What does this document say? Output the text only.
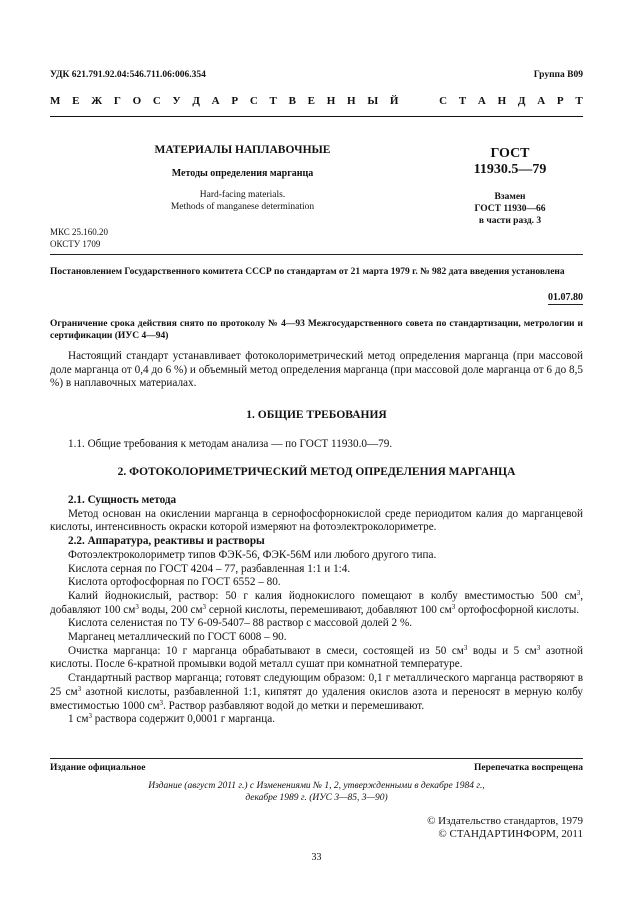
УДК 621.791.92.04:546.711.06:006.354	Группа В09
М Е Ж Г О С У Д А Р С Т В Е Н Н Ы Й

	С Т А Н Д А Р Т
МАТЕРИАЛЫ НАПЛАВОЧНЫЕ
Методы определения марганца
Hard-facing materials.
Methods of manganese determination
ГОСТ
11930.5—79
Взамен
ГОСТ 11930—66
в части разд. 3
МКС 25.160.20
ОКСТУ 1709
Постановлением Государственного комитета СССР по стандартам от 21 марта 1979 г. № 982 дата введения установлена
01.07.80
Ограничение срока действия снято по протоколу № 4—93 Межгосударственного совета по стандартизации, метрологии и сертификации (ИУС 4—94)

Настоящий стандарт устанавливает фотоколориметрический метод определения марганца (при массовой доле марганца от 0,4 до 6 %) и объемный метод определения марганца (при массовой доле марганца от 6 до 8,5 %) в наплавочных материалах.

1. ОБЩИЕ ТРЕБОВАНИЯ
1.1. Общие требования к методам анализа — по ГОСТ 11930.0—79.
2. ФОТОКОЛОРИМЕТРИЧЕСКИЙ МЕТОД ОПРЕДЕЛЕНИЯ МАРГАНЦА

2.1. Сущность метода

Метод основан на окислении марганца в сернофосфорнокислой среде периодитом калия до марганцевой кислоты, интенсивность окраски которой измеряют на фотоэлектроколориметре.

2.2. Аппаратура, реактивы и растворы

Фотоэлектроколориметр типов ФЭК-56, ФЭК-56М или любого другого типа.

Кислота серная по ГОСТ 4204 – 77, разбавленная 1:1 и 1:4.

Кислота ортофосфорная по ГОСТ 6552 – 80.

Калий йоднокислый, раствор: 50 г калия йоднокислого помещают в колбу вместимостью 500 $см^3$, добавляют 100 $см^3$ воды, 200 $см^3$ серной кислоты, перемешивают, добавляют 100 $см^3$ ортофосфорной кислоты.

Кислота селенистая по ТУ 6-09-5407– 88 раствор с массовой долей 2 %.

Марганец металлический по ГОСТ 6008 – 90.

Очистка марганца: 10 г марганца обрабатывают в смеси, состоящей из 50 $см^3$ воды и 5 $см^3$ азотной кислоты. После 6-кратной промывки водой металл сушат при комнатной температуре.

Стандартный раствор марганца; готовят следующим образом: 0,1 г металлического марганца растворяют в 25 $см^3$ азотной кислоты, разбавленной 1:1, кипятят до удаления окислов азота и переносят в мерную колбу вместимостью 1000 $см^3$. Раствор разбавляют водой до метки и перемешивают.

1 $см^3$ раствора содержит 0,0001 г марганца.

Издание официальное	Перепечатка воспрещена
Издание (август 2011 г.) с Изменениями № 1, 2, утвержденными в декабре 1984 г.,
декабре 1989 г. (ИУС 3—85, 3—90)
© Издательство стандартов, 1979
© СТАНДАРТИНФОРМ, 2011
33
